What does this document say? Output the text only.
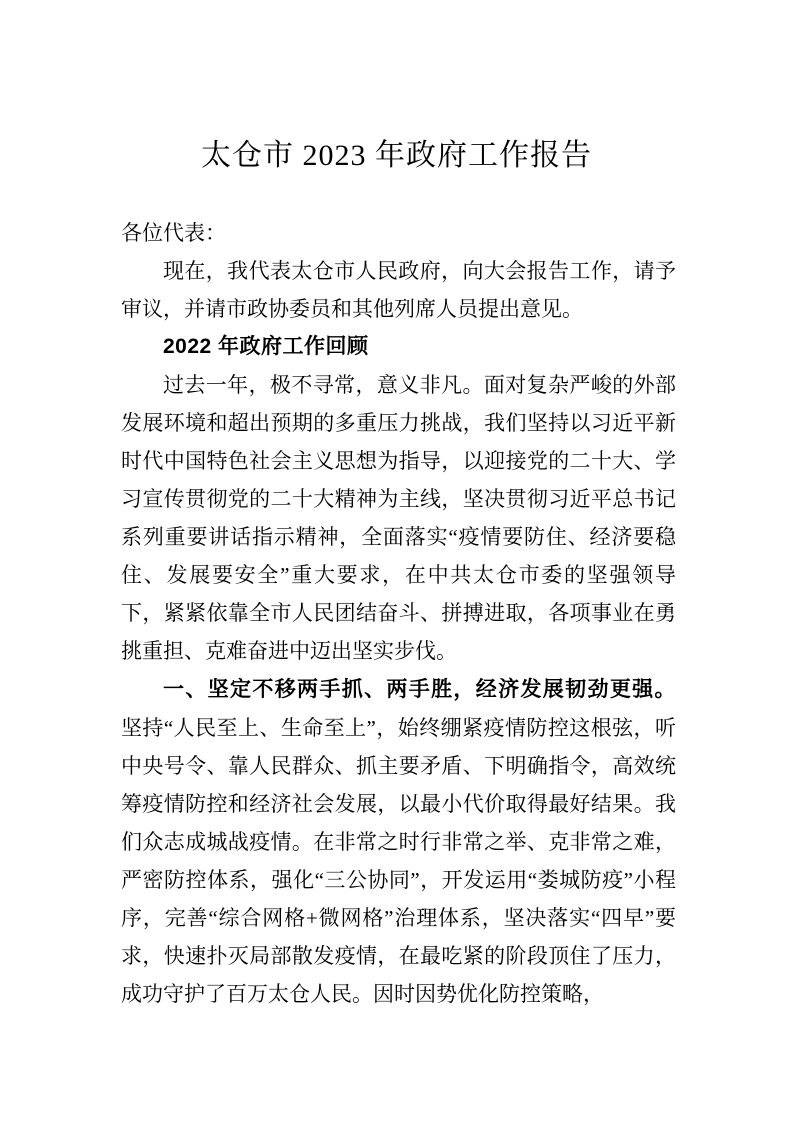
太仓市 2023 年政府工作报告

各位代表：

现在，我代表太仓市人民政府，向大会报告工作，请予审议，并请市政协委员和其他列席人员提出意见。

2022 年政府工作回顾

过去一年，极不寻常，意义非凡。面对复杂严峻的外部发展环境和超出预期的多重压力挑战，我们坚持以习近平新时代中国特色社会主义思想为指导，以迎接党的二十大、学习宣传贯彻党的二十大精神为主线，坚决贯彻习近平总书记系列重要讲话指示精神，全面落实“疫情要防住、经济要稳住、发展要安全”重大要求，在中共太仓市委的坚强领导下，紧紧依靠全市人民团结奋斗、拼搏进取，各项事业在勇挑重担、克难奋进中迈出坚实步伐。

一、坚定不移两手抓、两手胜，经济发展韧劲更强。坚持“人民至上、生命至上”，始终绷紧疫情防控这根弦，听中央号令、靠人民群众、抓主要矛盾、下明确指令，高效统筹疫情防控和经济社会发展，以最小代价取得最好结果。我们众志成城战疫情。在非常之时行非常之举、克非常之难，严密防控体系，强化“三公协同”，开发运用“娄城防疫”小程序，完善“综合网格+微网格”治理体系，坚决落实“四早”要求，快速扑灭局部散发疫情，在最吃紧的阶段顶住了压力，成功守护了百万太仓人民。因时因势优化防控策略，
